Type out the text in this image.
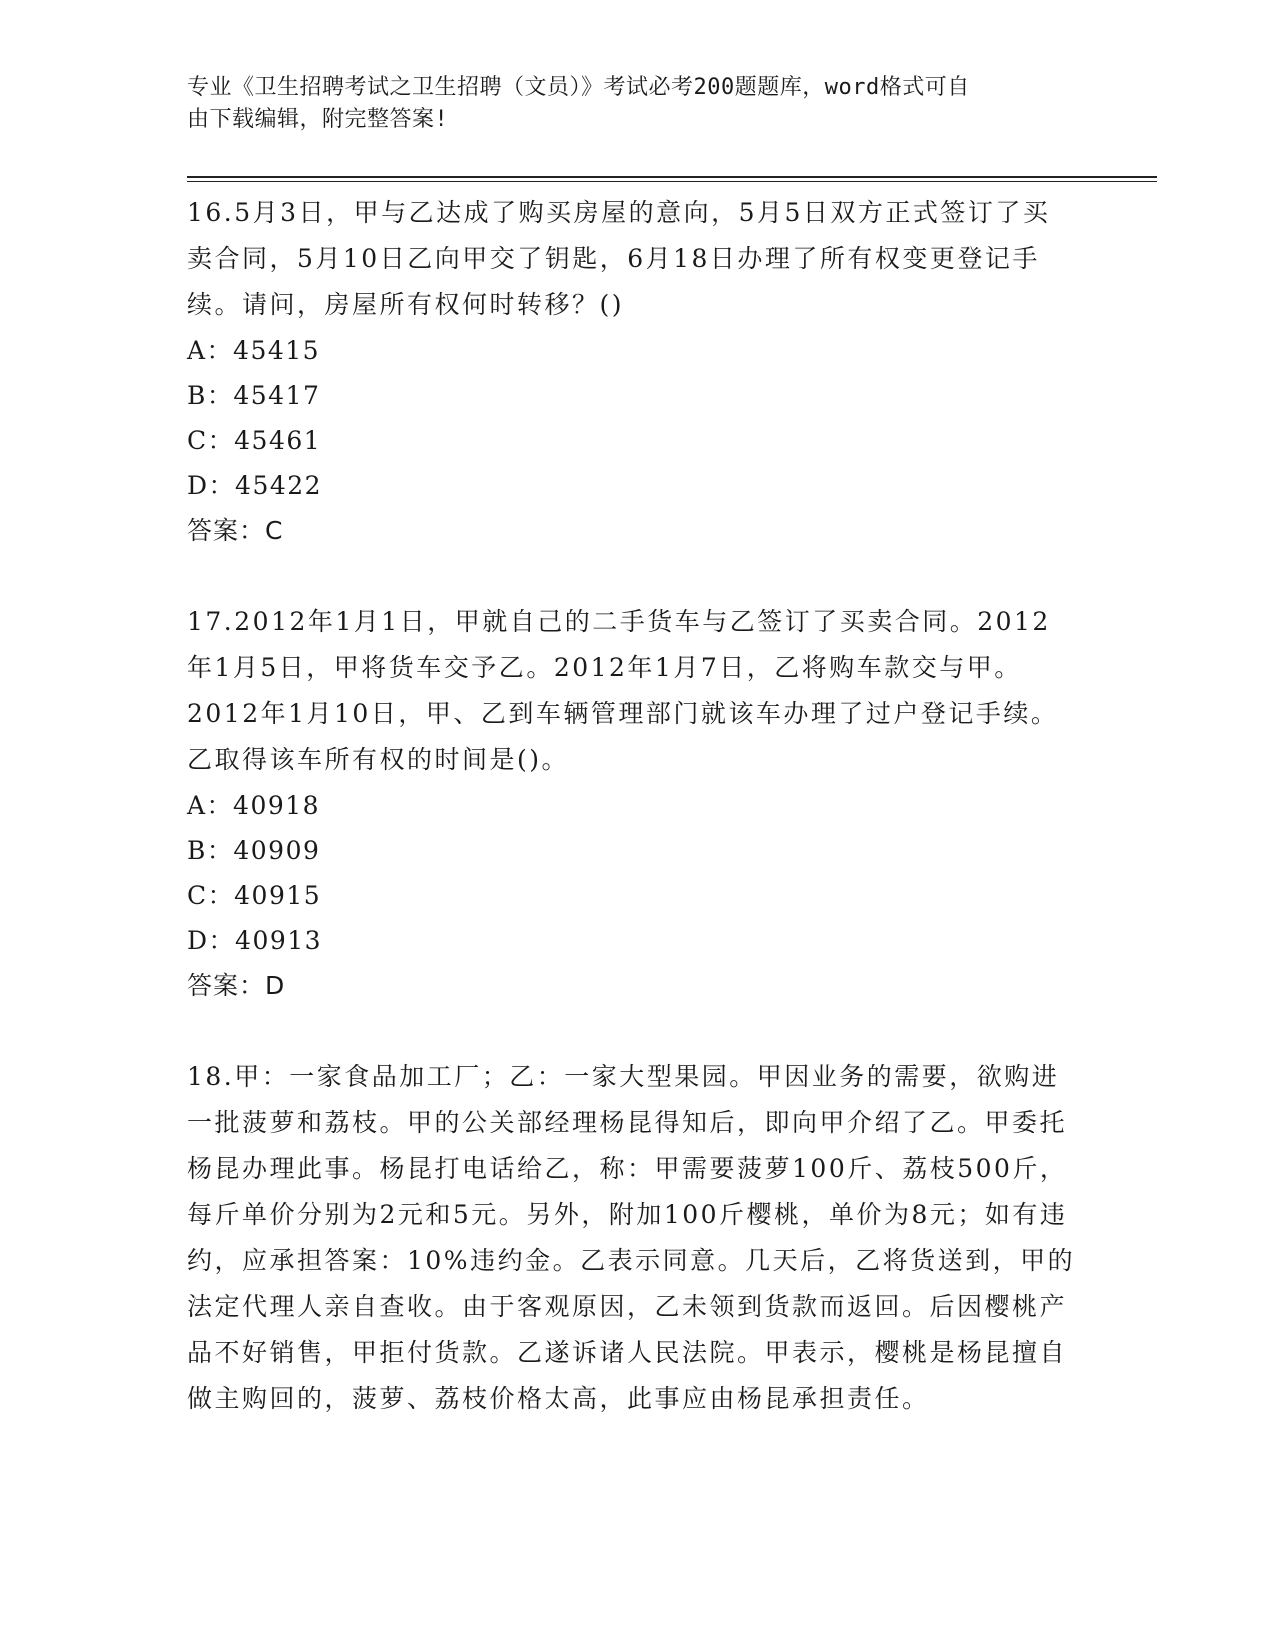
专业《卫生招聘考试之卫生招聘（文员）》考试必考200题题库，word格式可自
由下载编辑，附完整答案!
16.5月3日，甲与乙达成了购买房屋的意向，5月5日双方正式签订了买卖合同，5月10日乙向甲交了钥匙，6月18日办理了所有权变更登记手续。请问，房屋所有权何时转移？()
A：45415
B：45417
C：45461
D：45422
答案：C
17.2012年1月1日，甲就自己的二手货车与乙签订了买卖合同。2012年1月5日，甲将货车交予乙。2012年1月7日，乙将购车款交与甲。2012年1月10日，甲、乙到车辆管理部门就该车办理了过户登记手续。乙取得该车所有权的时间是()。
A：40918
B：40909
C：40915
D：40913
答案：D
18.甲：一家食品加工厂；乙：一家大型果园。甲因业务的需要，欲购进一批菠萝和荔枝。甲的公关部经理杨昆得知后，即向甲介绍了乙。甲委托杨昆办理此事。杨昆打电话给乙，称：甲需要菠萝100斤、荔枝500斤，每斤单价分别为2元和5元。另外，附加100斤樱桃，单价为8元；如有违约，应承担答案：10%违约金。乙表示同意。几天后，乙将货送到，甲的法定代理人亲自查收。由于客观原因，乙未领到货款而返回。后因樱桃产品不好销售，甲拒付货款。乙遂诉诸人民法院。甲表示，樱桃是杨昆擅自做主购回的，菠萝、荔枝价格太高，此事应由杨昆承担责任。
